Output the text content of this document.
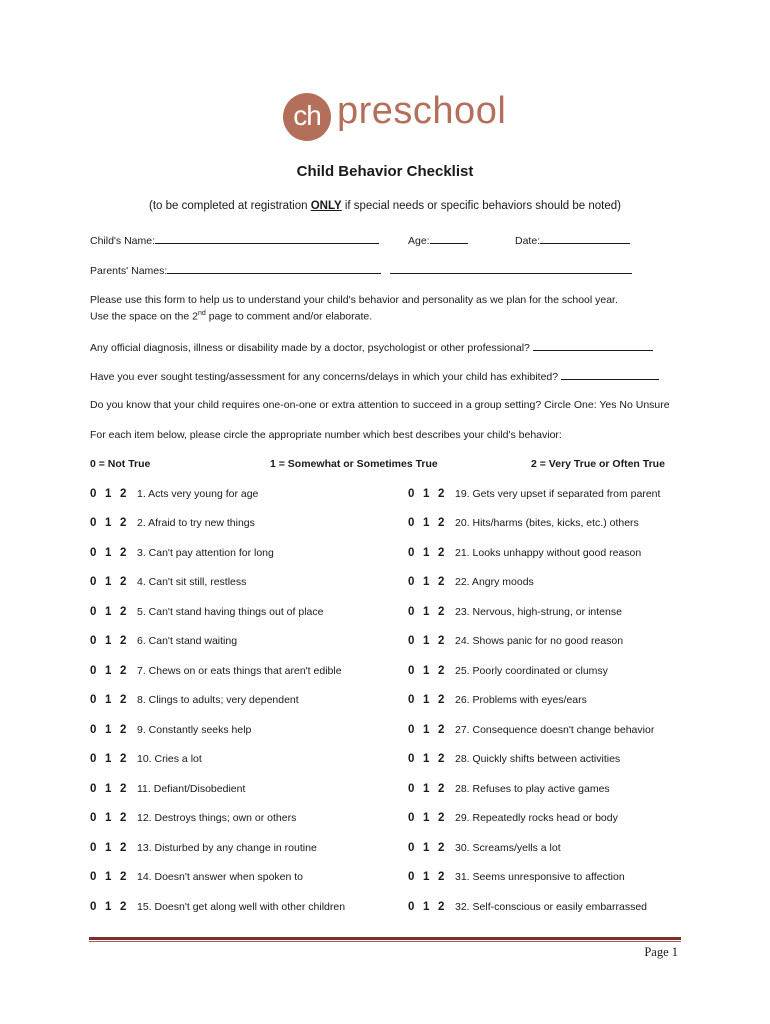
ch preschool
Child Behavior Checklist
(to be completed at registration ONLY if special needs or specific behaviors should be noted)
Child's Name:	Age:	Date:
Parents' Names:
Please use this form to help us to understand your child's behavior and personality as we plan for the school year.
Use the space on the 2nd page to comment and/or elaborate.
Any official diagnosis, illness or disability made by a doctor, psychologist or other professional?
Have you ever sought testing/assessment for any concerns/delays in which your child has exhibited?
Do you know that your child requires one-on-one or extra attention to succeed in a group setting? Circle One: Yes No Unsure
For each item below, please circle the appropriate number which best describes your child's behavior:
0 = Not True	1 = Somewhat or Sometimes True	2 = Very True or Often True
0 1 2 1. Acts very young for age	0 1 2 19. Gets very upset if separated from parent
0 1 2 2. Afraid to try new things	0 1 2 20. Hits/harms (bites, kicks, etc.) others
0 1 2 3. Can't pay attention for long	0 1 2 21. Looks unhappy without good reason
0 1 2 4. Can't sit still, restless	0 1 2 22. Angry moods
0 1 2 5. Can't stand having things out of place	0 1 2 23. Nervous, high-strung, or intense
0 1 2 6. Can't stand waiting	0 1 2 24. Shows panic for no good reason
0 1 2 7. Chews on or eats things that aren't edible	0 1 2 25. Poorly coordinated or clumsy
0 1 2 8. Clings to adults; very dependent	0 1 2 26. Problems with eyes/ears
0 1 2 9. Constantly seeks help	0 1 2 27. Consequence doesn't change behavior
0 1 2 10. Cries a lot	0 1 2 28. Quickly shifts between activities
0 1 2 11. Defiant/Disobedient	0 1 2 28. Refuses to play active games
0 1 2 12. Destroys things; own or others	0 1 2 29. Repeatedly rocks head or body
0 1 2 13. Disturbed by any change in routine	0 1 2 30. Screams/yells a lot
0 1 2 14. Doesn't answer when spoken to	0 1 2 31. Seems unresponsive to affection
0 1 2 15. Doesn't get along well with other children	0 1 2 32. Self-conscious or easily embarrassed
Page 1
